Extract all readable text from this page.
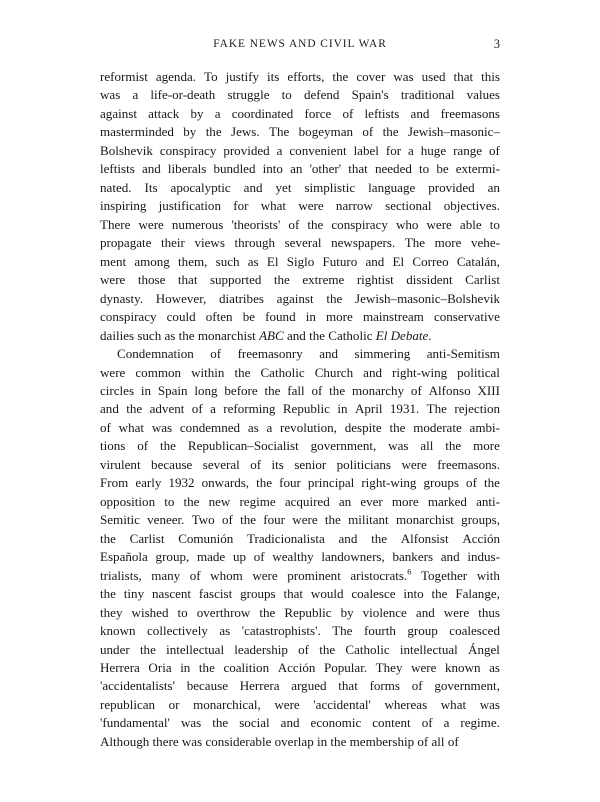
FAKE NEWS AND CIVIL WAR	3

reformist agenda. To justify its efforts, the cover was used that this
was a life-or-death struggle to defend Spain's traditional values
against attack by a coordinated force of leftists and freemasons
masterminded by the Jews. The bogeyman of the Jewish–masonic–
Bolshevik conspiracy provided a convenient label for a huge range of
leftists and liberals bundled into an 'other' that needed to be extermi-
nated. Its apocalyptic and yet simplistic language provided an
inspiring justification for what were narrow sectional objectives.
There were numerous 'theorists' of the conspiracy who were able to
propagate their views through several newspapers. The more vehe-
ment among them, such as El Siglo Futuro and El Correo Catalán,
were those that supported the extreme rightist dissident Carlist
dynasty. However, diatribes against the Jewish–masonic–Bolshevik
conspiracy could often be found in more mainstream conservative
dailies such as the monarchist ABC and the Catholic El Debate.

Condemnation of freemasonry and simmering anti-Semitism
were common within the Catholic Church and right-wing political
circles in Spain long before the fall of the monarchy of Alfonso XIII
and the advent of a reforming Republic in April 1931. The rejection
of what was condemned as a revolution, despite the moderate ambi-
tions of the Republican–Socialist government, was all the more
virulent because several of its senior politicians were freemasons.
From early 1932 onwards, the four principal right-wing groups of the
opposition to the new regime acquired an ever more marked anti-
Semitic veneer. Two of the four were the militant monarchist groups,
the Carlist Comunión Tradicionalista and the Alfonsist Acción
Española group, made up of wealthy landowners, bankers and indus-
trialists, many of whom were prominent aristocrats.$^6$ Together with
the tiny nascent fascist groups that would coalesce into the Falange,
they wished to overthrow the Republic by violence and were thus
known collectively as 'catastrophists'. The fourth group coalesced
under the intellectual leadership of the Catholic intellectual Ángel
Herrera Oria in the coalition Acción Popular. They were known as
'accidentalists' because Herrera argued that forms of government,
republican or monarchical, were 'accidental' whereas what was
'fundamental' was the social and economic content of a regime.
Although there was considerable overlap in the membership of all of
